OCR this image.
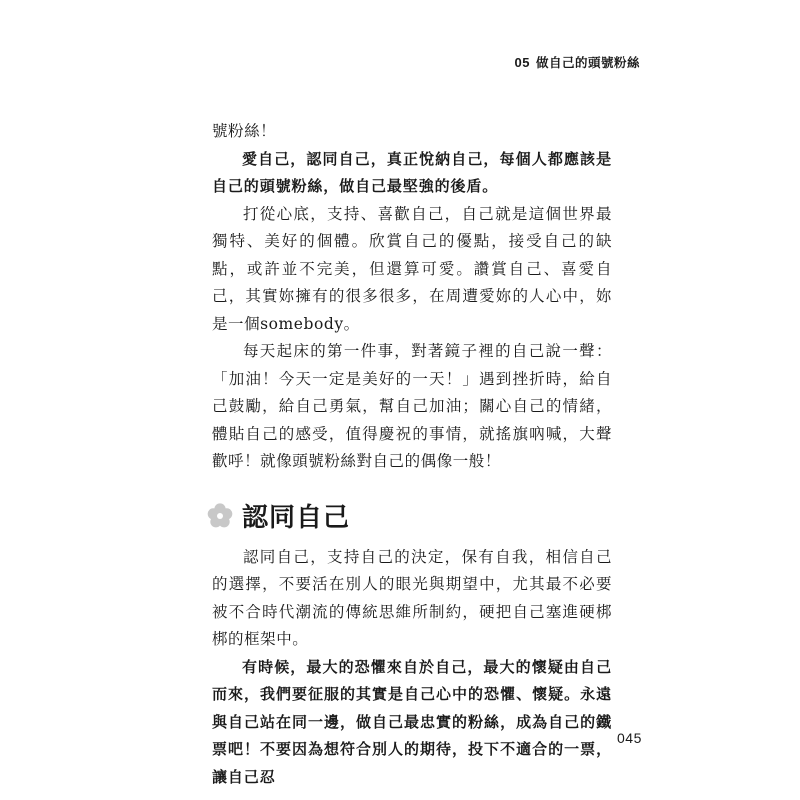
05 做自己的頭號粉絲

號粉絲！

愛自己，認同自己，真正悅納自己，每個人都應該是自己的頭號粉絲，做自己最堅強的後盾。

打從心底，支持、喜歡自己，自己就是這個世界最獨特、美好的個體。欣賞自己的優點，接受自己的缺點，或許並不完美，但還算可愛。讚賞自己、喜愛自己，其實妳擁有的很多很多，在周遭愛妳的人心中，妳是一個somebody。

每天起床的第一件事，對著鏡子裡的自己說一聲：「加油！今天一定是美好的一天！」遇到挫折時，給自己鼓勵，給自己勇氣，幫自己加油；關心自己的情緒，體貼自己的感受，值得慶祝的事情，就搖旗吶喊，大聲歡呼！就像頭號粉絲對自己的偶像一般！

認同自己

認同自己，支持自己的決定，保有自我，相信自己的選擇，不要活在別人的眼光與期望中，尤其最不必要被不合時代潮流的傳統思維所制約，硬把自己塞進硬梆梆的框架中。

有時候，最大的恐懼來自於自己，最大的懷疑由自己而來，我們要征服的其實是自己心中的恐懼、懷疑。永遠與自己站在同一邊，做自己最忠實的粉絲，成為自己的鐵票吧！不要因為想符合別人的期待，投下不適合的一票，讓自己忍

045
